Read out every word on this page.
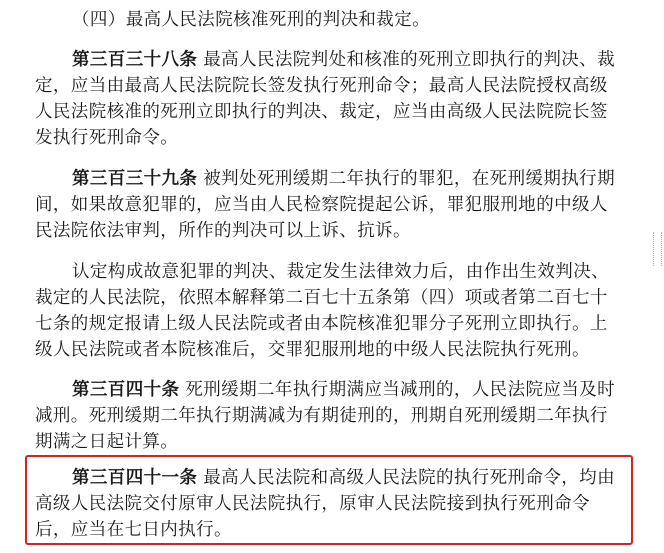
（四）最高人民法院核准死刑的判决和裁定。
第三百三十八条 最高人民法院判处和核准的死刑立即执行的判决、裁
定，应当由最高人民法院院长签发执行死刑命令；最高人民法院授权高级
人民法院核准的死刑立即执行的判决、裁定，应当由高级人民法院院长签
发执行死刑命令。
第三百三十九条 被判处死刑缓期二年执行的罪犯，在死刑缓期执行期
间，如果故意犯罪的，应当由人民检察院提起公诉，罪犯服刑地的中级人
民法院依法审判，所作的判决可以上诉、抗诉。
认定构成故意犯罪的判决、裁定发生法律效力后，由作出生效判决、
裁定的人民法院，依照本解释第二百七十五条第（四）项或者第二百七十
七条的规定报请上级人民法院或者由本院核准犯罪分子死刑立即执行。上
级人民法院或者本院核准后，交罪犯服刑地的中级人民法院执行死刑。
第三百四十条 死刑缓期二年执行期满应当减刑的，人民法院应当及时
减刑。死刑缓期二年执行期满减为有期徒刑的，刑期自死刑缓期二年执行
期满之日起计算。
第三百四十一条 最高人民法院和高级人民法院的执行死刑命令，均由
高级人民法院交付原审人民法院执行，原审人民法院接到执行死刑命令
后，应当在七日内执行。
